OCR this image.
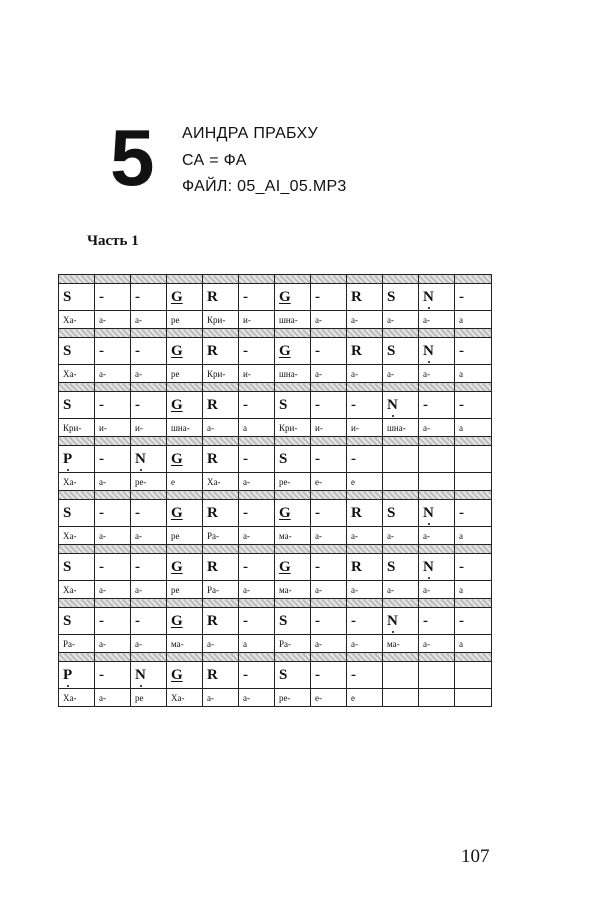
5 АИНДРА ПРАБХУ
СА = ФА
ФАЙЛ: 05_AI_05.MP3
Часть 1

S	-	-	G	R	-	G	-	R	S	N	-
Ха-	а-	а-	ре	Кри-	и-	шна-	а-	а-	а-	а-	а

S	-	-	G	R	-	G	-	R	S	N	-
Ха-	а-	а-	ре	Кри-	и-	шна-	а-	а-	а-	а-	а

S	-	-	G	R	-	S	-	-	N	-	-
Кри-	и-	и-	шна-	а-	а	Кри-	и-	и-	шна-	а-	а

P	-	N	G	R	-	S	-	-			
Ха-	а-	ре-	е	Ха-	а-	ре-	е-	е			

S	-	-	G	R	-	G	-	R	S	N	-
Ха-	а-	а-	ре	Ра-	а-	ма-	а-	а-	а-	а-	а

S	-	-	G	R	-	G	-	R	S	N	-
Ха-	а-	а-	ре	Ра-	а-	ма-	а-	а-	а-	а-	а

S	-	-	G	R	-	S	-	-	N	-	-
Ра-	а-	а-	ма-	а-	а	Ра-	а-	а-	ма-	а-	а

P	-	N	G	R	-	S	-	-			
Ха-	а-	ре	Ха-	а-	а-	ре-	е-	е			
107
